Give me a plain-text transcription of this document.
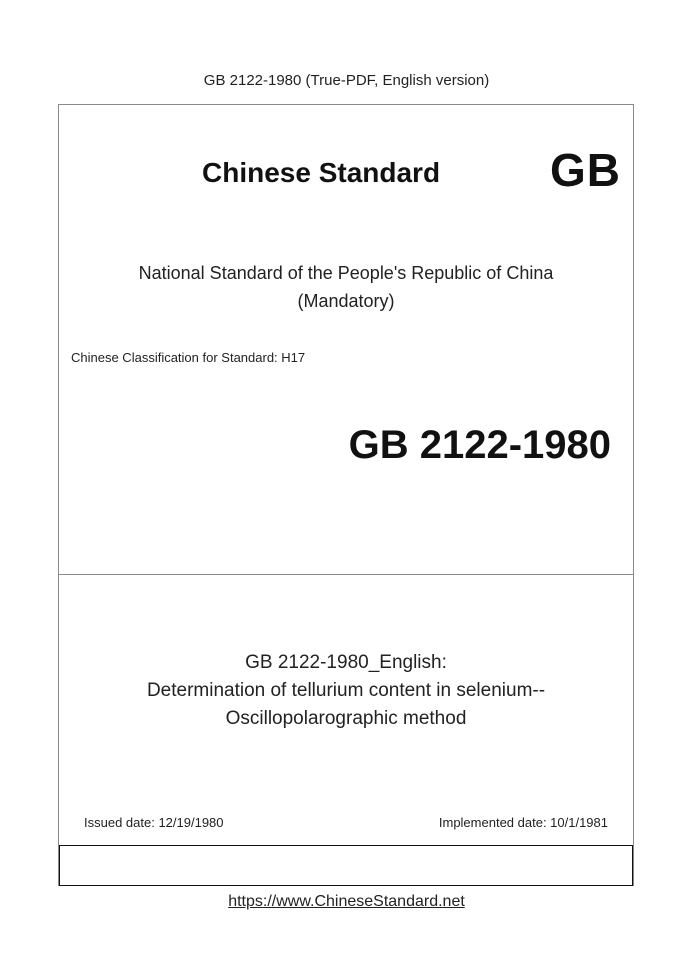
GB 2122-1980 (True-PDF, English version)
Chinese Standard GB
National Standard of the People's Republic of China
(Mandatory)
Chinese Classification for Standard: H17
GB 2122-1980
GB 2122-1980_English:
Determination of tellurium content in selenium--
Oscillopolarographic method
Issued date: 12/19/1980	Implemented date: 10/1/1981
https://www.ChineseStandard.net
